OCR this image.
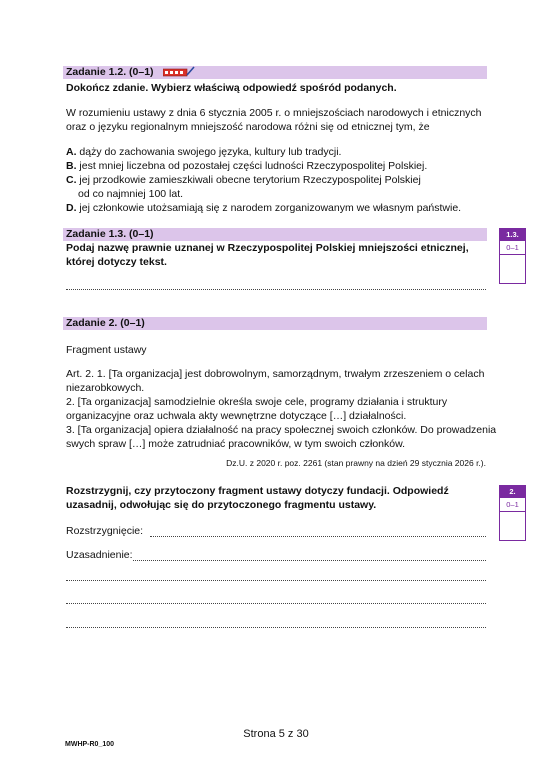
Zadanie 1.2. (0–1)
Dokończ zdanie. Wybierz właściwą odpowiedź spośród podanych.
W rozumieniu ustawy z dnia 6 stycznia 2005 r. o mniejszościach narodowych i etnicznych
oraz o języku regionalnym mniejszość narodowa różni się od etnicznej tym, że
A. dąży do zachowania swojego języka, kultury lub tradycji.
B. jest mniej liczebna od pozostałej części ludności Rzeczypospolitej Polskiej.
C. jej przodkowie zamieszkiwali obecne terytorium Rzeczypospolitej Polskiej
od co najmniej 100 lat.
D. jej członkowie utożsamiają się z narodem zorganizowanym we własnym państwie.
Zadanie 1.3. (0–1)
Podaj nazwę prawnie uznanej w Rzeczypospolitej Polskiej mniejszości etnicznej,
której dotyczy tekst.
1.3.
0–1
Zadanie 2. (0–1)
Fragment ustawy
Art. 2. 1. [Ta organizacja] jest dobrowolnym, samorządnym, trwałym zrzeszeniem o celach
niezarobkowych.
2. [Ta organizacja] samodzielnie określa swoje cele, programy działania i struktury
organizacyjne oraz uchwala akty wewnętrzne dotyczące […] działalności.
3. [Ta organizacja] opiera działalność na pracy społecznej swoich członków. Do prowadzenia
swych spraw […] może zatrudniać pracowników, w tym swoich członków.
Dz.U. z 2020 r. poz. 2261 (stan prawny na dzień 29 stycznia 2026 r.).
Rozstrzygnij, czy przytoczony fragment ustawy dotyczy fundacji. Odpowiedź
uzasadnij, odwołując się do przytoczonego fragmentu ustawy.
2.
0–1
Rozstrzygnięcie:
Uzasadnienie:
Strona 5 z 30
MWHP-R0_100
